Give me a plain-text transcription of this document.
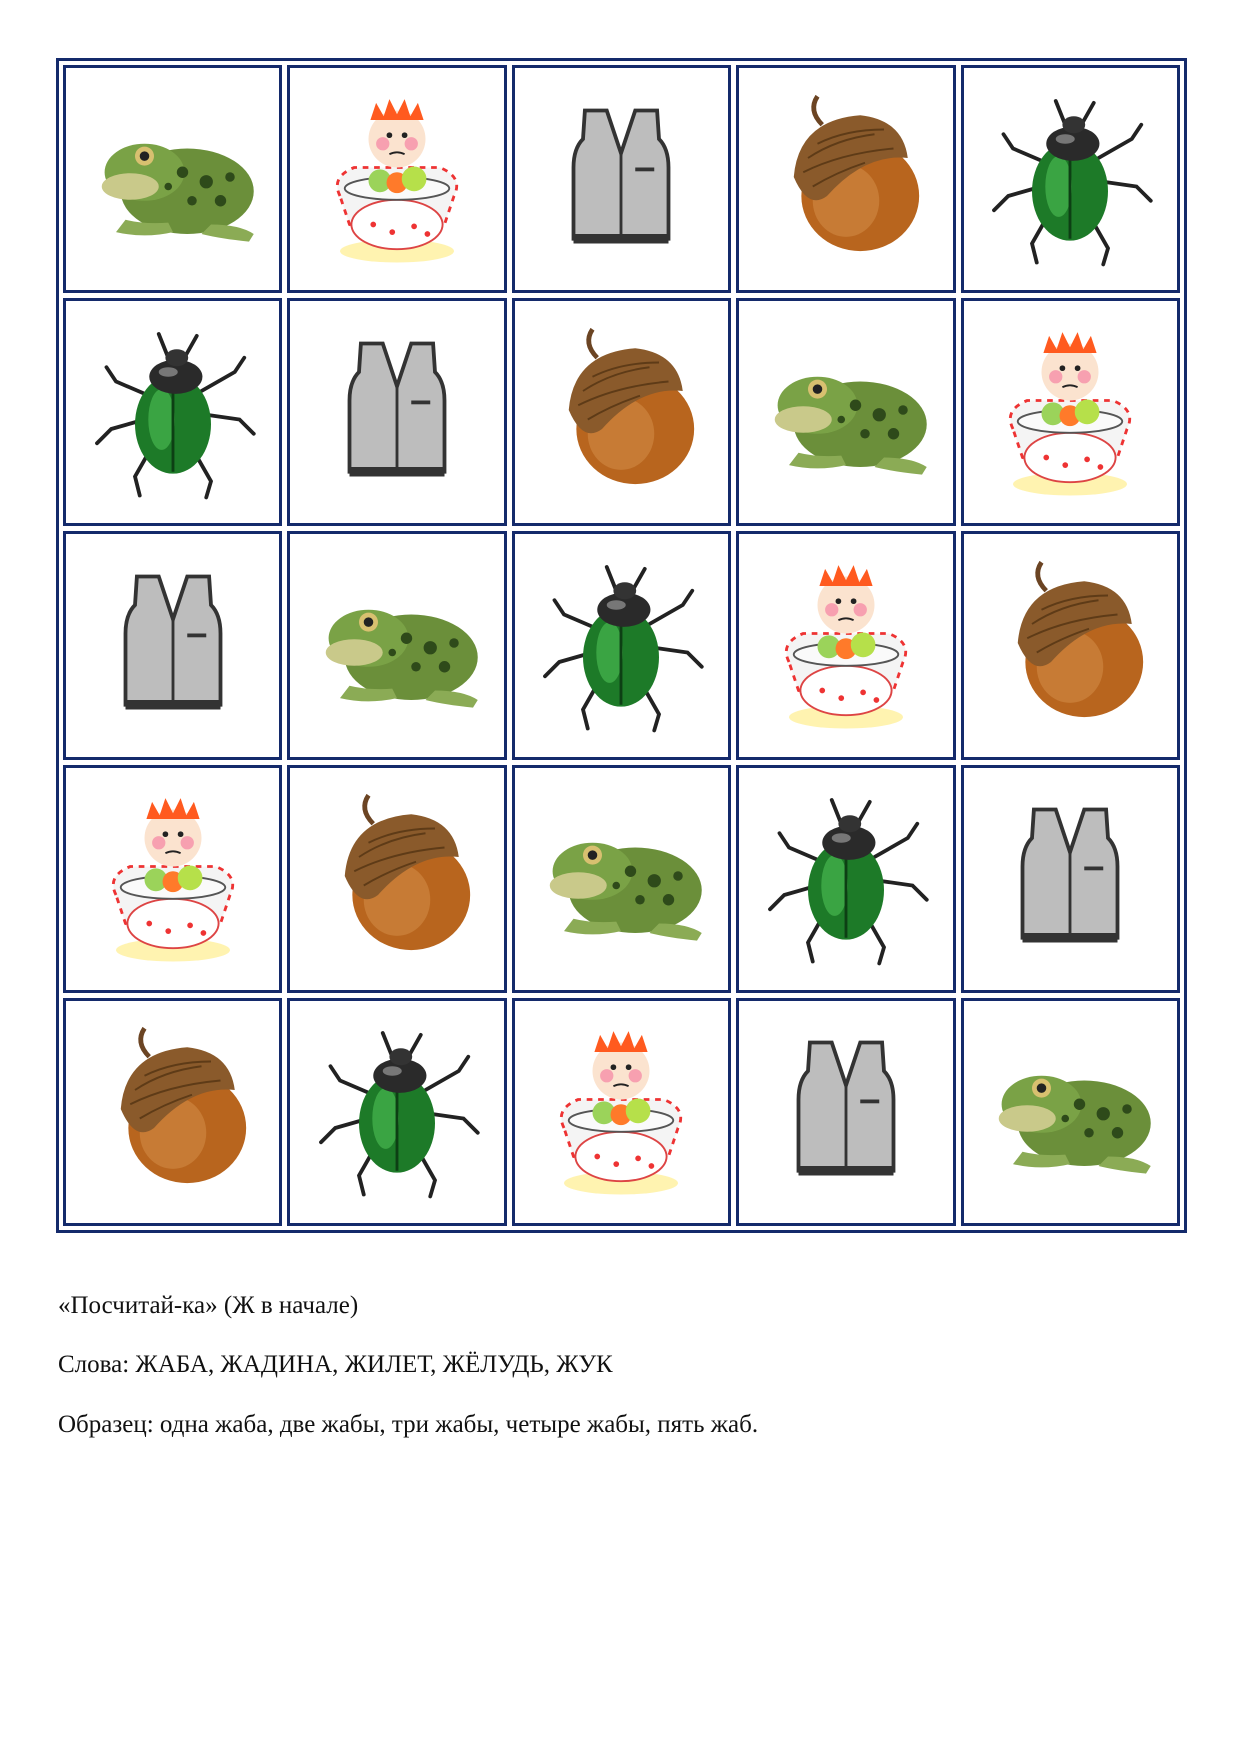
«Посчитай-ка» (Ж в начале)
Слова: ЖАБА, ЖАДИНА, ЖИЛЕТ, ЖЁЛУДЬ, ЖУК
Образец: одна жаба, две жабы, три жабы, четыре жабы, пять жаб.
